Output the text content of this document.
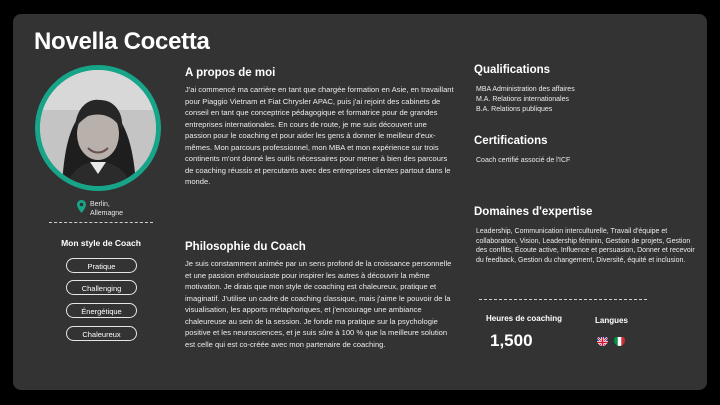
Novella Cocetta
Berlin,
Allemagne
Mon style de Coach
Pratique
Challenging
Énergétique
Chaleureux
A propos de moi
J'ai commencé ma carrière en tant que chargée formation en Asie, en travaillant pour Piaggio Vietnam et Fiat Chrysler APAC, puis j'ai rejoint des cabinets de conseil en tant que conceptrice pédagogique et formatrice pour de grandes entreprises internationales. En cours de route, je me suis découvert une passion pour le coaching et pour aider les gens à donner le meilleur d'eux-mêmes. Mon parcours professionnel, mon MBA et mon expérience sur trois continents m'ont donné les outils nécessaires pour mener à bien des parcours de coaching réussis et percutants avec des entreprises clientes partout dans le monde.
Philosophie du Coach
Je suis constamment animée par un sens profond de la croissance personnelle et une passion enthousiaste pour inspirer les autres à découvrir la même motivation. Je dirais que mon style de coaching est chaleureux, pratique et imaginatif. J'utilise un cadre de coaching classique, mais j'aime le pouvoir de la visualisation, les apports métaphoriques, et j'encourage une ambiance chaleureuse au sein de la session. Je fonde ma pratique sur la psychologie positive et les neurosciences, et je suis sûre à 100 % que la meilleure solution est celle qui est co-créée avec mon partenaire de coaching.
Qualifications
MBA Administration des affaires
M.A. Relations internationales
B.A. Relations publiques
Certifications
Coach certifié associé de l'ICF
Domaines d'expertise
Leadership, Communication interculturelle, Travail d'équipe et collaboration, Vision, Leadership féminin, Gestion de projets, Gestion des conflits, Écoute active, Influence et persuasion, Donner et recevoir du feedback, Gestion du changement, Diversité, équité et inclusion.
Heures de coaching
1,500
Langues
